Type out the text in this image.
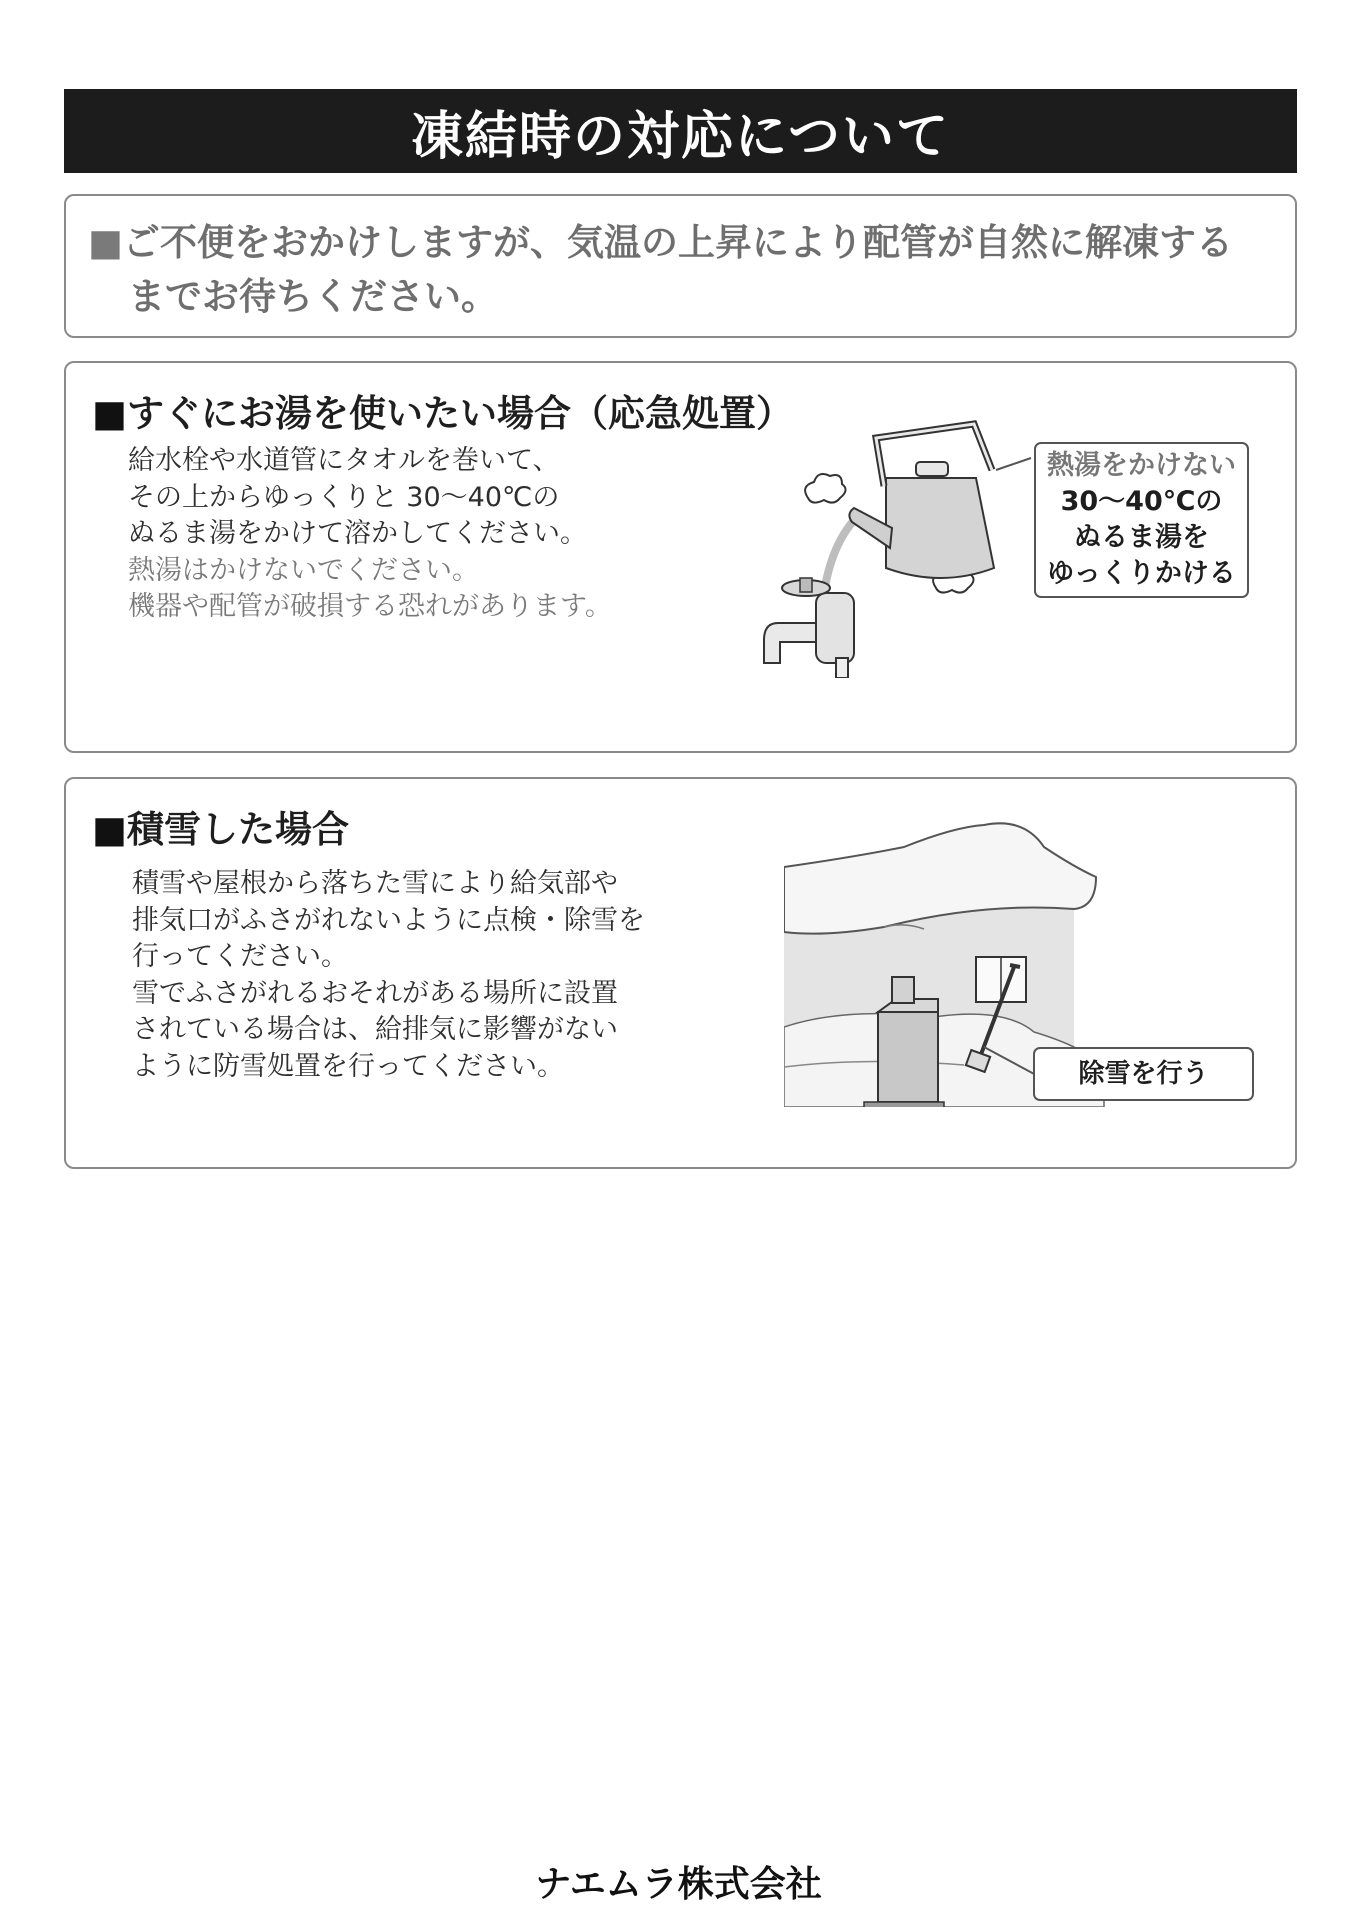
凍結時の対応について
■ご不便をおかけしますが、気温の上昇により配管が自然に解凍する
までお待ちください。
■すぐにお湯を使いたい場合（応急処置）
給水栓や水道管にタオルを巻いて、
その上からゆっくりと 30～40℃の
ぬるま湯をかけて溶かしてください。
熱湯はかけないでください。
機器や配管が破損する恐れがあります。
熱湯をかけない
30～40℃の
ぬるま湯を
ゆっくりかける
■積雪した場合
積雪や屋根から落ちた雪により給気部や
排気口がふさがれないように点検・除雪を
行ってください。
雪でふさがれるおそれがある場所に設置
されている場合は、給排気に影響がない
ように防雪処置を行ってください。	除雪を行う
ナエムラ株式会社
